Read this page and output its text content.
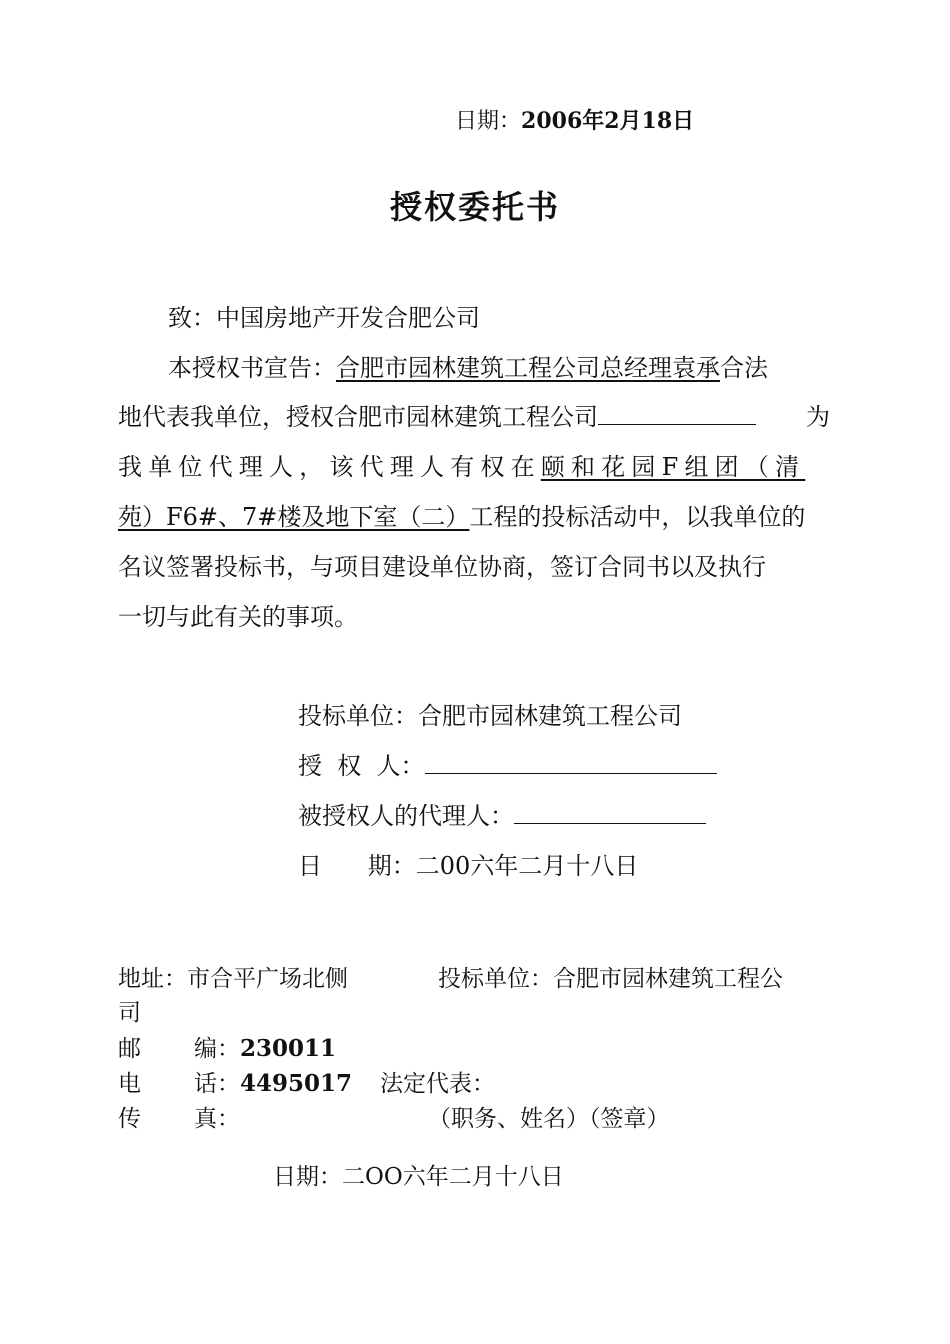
日期：2006年2月18日
授权委托书
致：中国房地产开发合肥公司
本授权书宣告：合肥市园林建筑工程公司总经理袁承合法
地代表我单位，授权合肥市园林建筑工程公司	为
我单位代理人，该代理人有权在颐和花园F组团（清
苑）F6#、7#楼及地下室（二）工程的投标活动中，以我单位的
名议签署投标书，与项目建设单位协商，签订合同书以及执行
一切与此有关的事项。
投标单位：合肥市园林建筑工程公司
授  权  人：
被授权人的代理人：
日      期：二00六年二月十八日
地址：市合平广场北侧	投标单位：合肥市园林建筑工程公
司
邮 编：230011
电 话：4495017 法定代表：
传 真：	（职务、姓名）（签章）
日期：二OO六年二月十八日
